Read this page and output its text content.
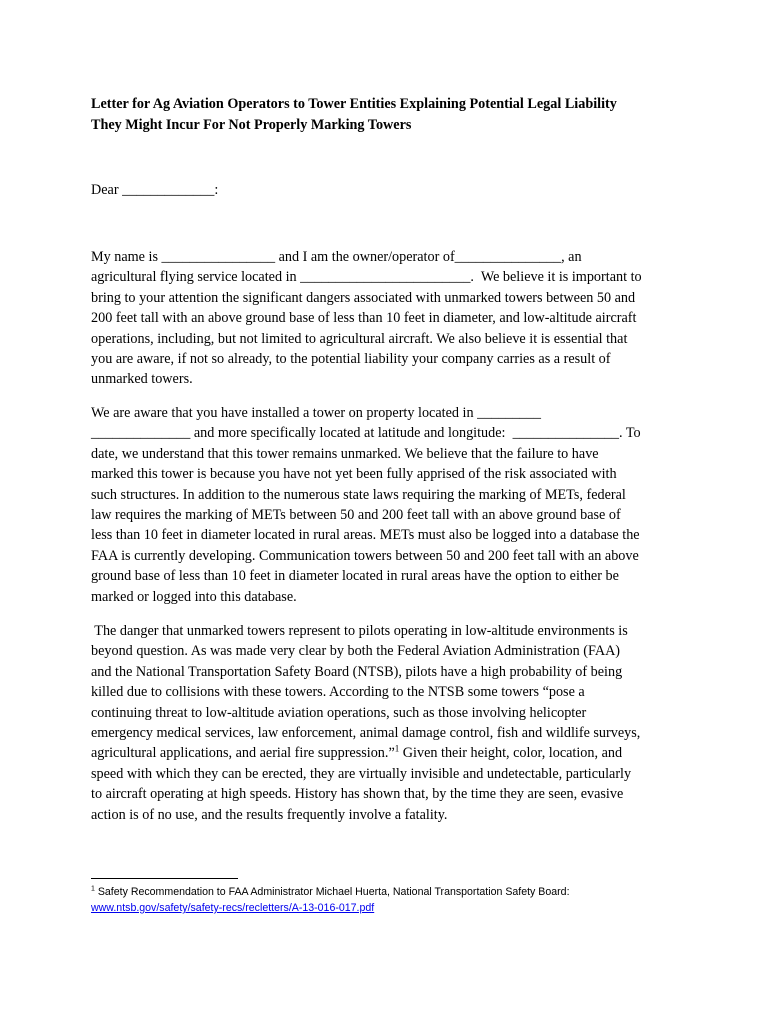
Letter for Ag Aviation Operators to Tower Entities Explaining Potential Legal Liability
They Might Incur For Not Properly Marking Towers
Dear _____________:
My name is ________________ and I am the owner/operator of_______________, an
agricultural flying service located in ________________________.  We believe it is important to
bring to your attention the significant dangers associated with unmarked towers between 50 and
200 feet tall with an above ground base of less than 10 feet in diameter, and low-altitude aircraft
operations, including, but not limited to agricultural aircraft. We also believe it is essential that
you are aware, if not so already, to the potential liability your company carries as a result of
unmarked towers.
We are aware that you have installed a tower on property located in _________
______________ and more specifically located at latitude and longitude:  _______________. To
date, we understand that this tower remains unmarked. We believe that the failure to have
marked this tower is because you have not yet been fully apprised of the risk associated with
such structures. In addition to the numerous state laws requiring the marking of METs, federal
law requires the marking of METs between 50 and 200 feet tall with an above ground base of
less than 10 feet in diameter located in rural areas. METs must also be logged into a database the
FAA is currently developing. Communication towers between 50 and 200 feet tall with an above
ground base of less than 10 feet in diameter located in rural areas have the option to either be
marked or logged into this database.
The danger that unmarked towers represent to pilots operating in low-altitude environments is
beyond question. As was made very clear by both the Federal Aviation Administration (FAA)
and the National Transportation Safety Board (NTSB), pilots have a high probability of being
killed due to collisions with these towers. According to the NTSB some towers “pose a
continuing threat to low-altitude aviation operations, such as those involving helicopter
emergency medical services, law enforcement, animal damage control, fish and wildlife surveys,
agricultural applications, and aerial fire suppression.”$^1$ Given their height, color, location, and
speed with which they can be erected, they are virtually invisible and undetectable, particularly
to aircraft operating at high speeds. History has shown that, by the time they are seen, evasive
action is of no use, and the results frequently involve a fatality.
$^1$ Safety Recommendation to FAA Administrator Michael Huerta, National Transportation Safety Board:
www.ntsb.gov/safety/safety-recs/recletters/A-13-016-017.pdf
